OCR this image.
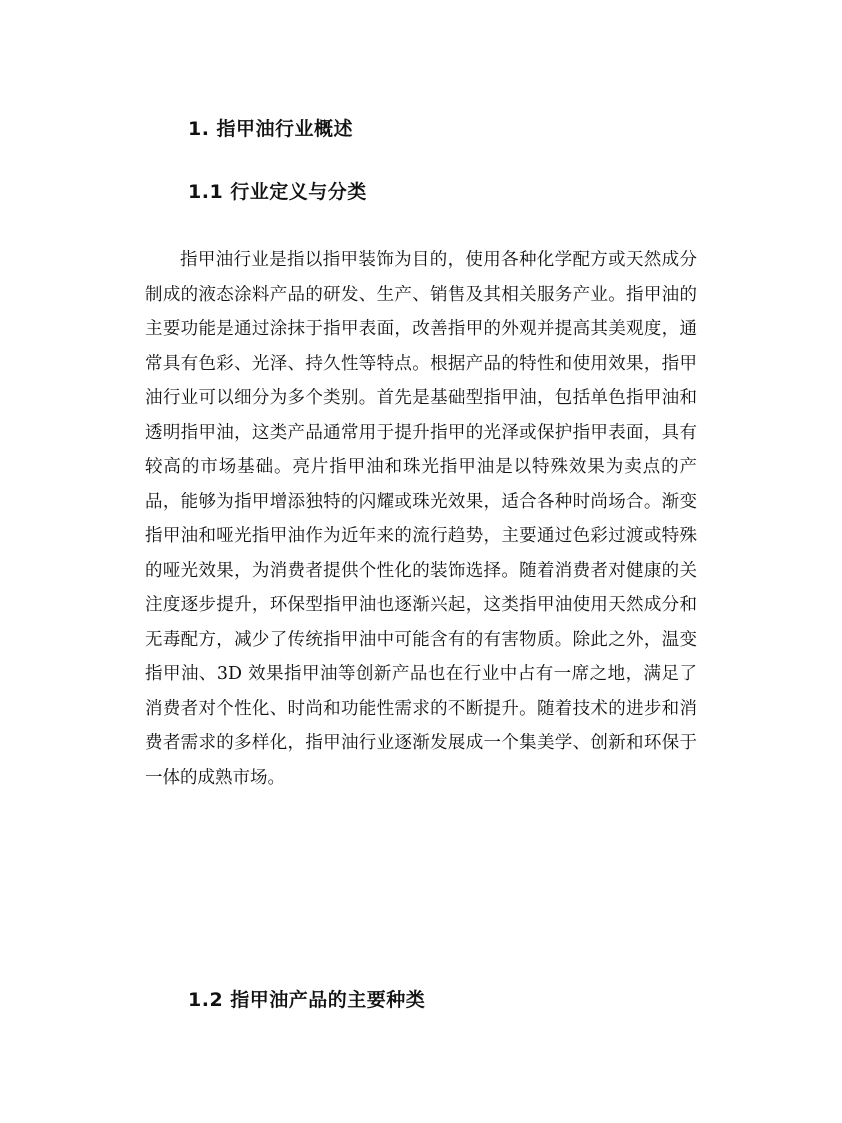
1. 指甲油行业概述
1.1 行业定义与分类

指甲油行业是指以指甲装饰为目的，使用各种化学配方或天然成分制成的液态涂料产品的研发、生产、销售及其相关服务产业。指甲油的主要功能是通过涂抹于指甲表面，改善指甲的外观并提高其美观度，通常具有色彩、光泽、持久性等特点。根据产品的特性和使用效果，指甲油行业可以细分为多个类别。首先是基础型指甲油，包括单色指甲油和透明指甲油，这类产品通常用于提升指甲的光泽或保护指甲表面，具有较高的市场基础。亮片指甲油和珠光指甲油是以特殊效果为卖点的产品，能够为指甲增添独特的闪耀或珠光效果，适合各种时尚场合。渐变指甲油和哑光指甲油作为近年来的流行趋势，主要通过色彩过渡或特殊的哑光效果，为消费者提供个性化的装饰选择。随着消费者对健康的关注度逐步提升，环保型指甲油也逐渐兴起，这类指甲油使用天然成分和无毒配方，减少了传统指甲油中可能含有的有害物质。除此之外，温变指甲油、3D 效果指甲油等创新产品也在行业中占有一席之地，满足了消费者对个性化、时尚和功能性需求的不断提升。随着技术的进步和消费者需求的多样化，指甲油行业逐渐发展成一个集美学、创新和环保于一体的成熟市场。

1.2 指甲油产品的主要种类
